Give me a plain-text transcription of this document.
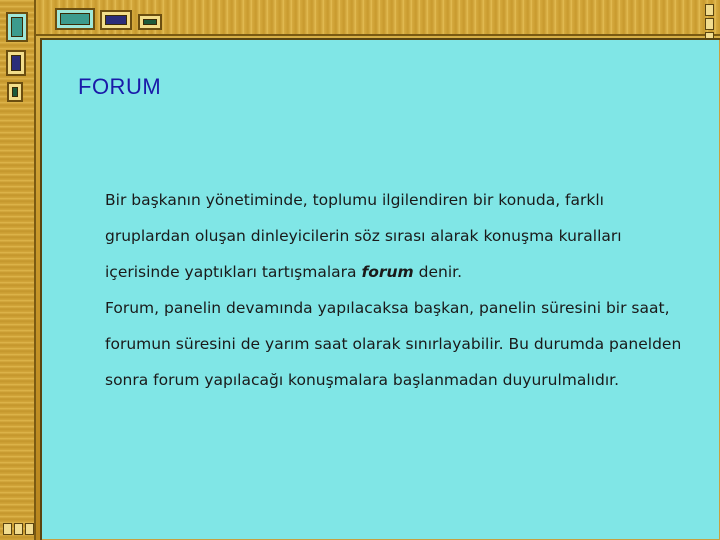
FORUM

Bir başkanın yönetiminde, toplumu ilgilendiren bir konuda, farklı gruplardan oluşan dinleyicilerin söz sırası alarak konuşma kuralları içerisinde yaptıkları tartışmalara forum denir.

Forum, panelin devamında yapılacaksa başkan, panelin süresini bir saat, forumun süresini de yarım saat olarak sınırlayabilir. Bu durumda panelden sonra forum yapılacağı konuşmalara başlanmadan duyurulmalıdır.
